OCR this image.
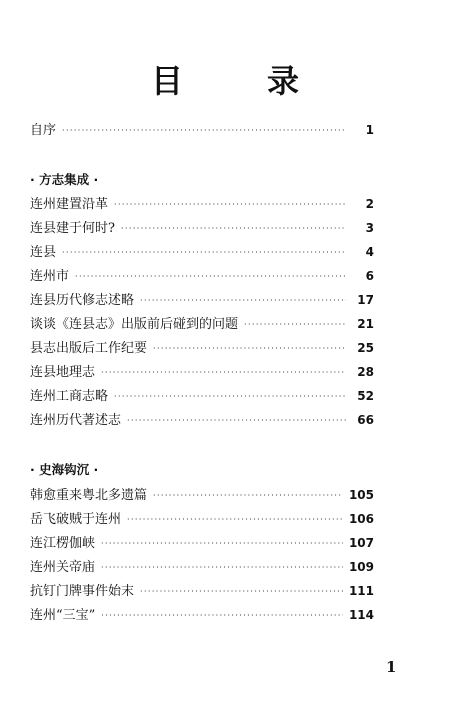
目　录
自序 ·····	1
· 方志集成 ·
连州建置沿革 ·····	2
连县建于何时? ·····	3
连县 ·····	4
连州市 ·····	6
连县历代修志述略 ·····	17
谈谈《连县志》出版前后碰到的问题 ·····	21
县志出版后工作纪要 ·····	25
连县地理志 ·····	28
连州工商志略 ·····	52
连州历代著述志 ·····	66
· 史海钩沉 ·
韩愈重来粤北多遗篇 ·····	105
岳飞破贼于连州 ·····	106
连江楞伽峡 ·····	107
连州关帝庙 ·····	109
抗钉门牌事件始末 ·····	111
连州“三宝” ·····	114
1
